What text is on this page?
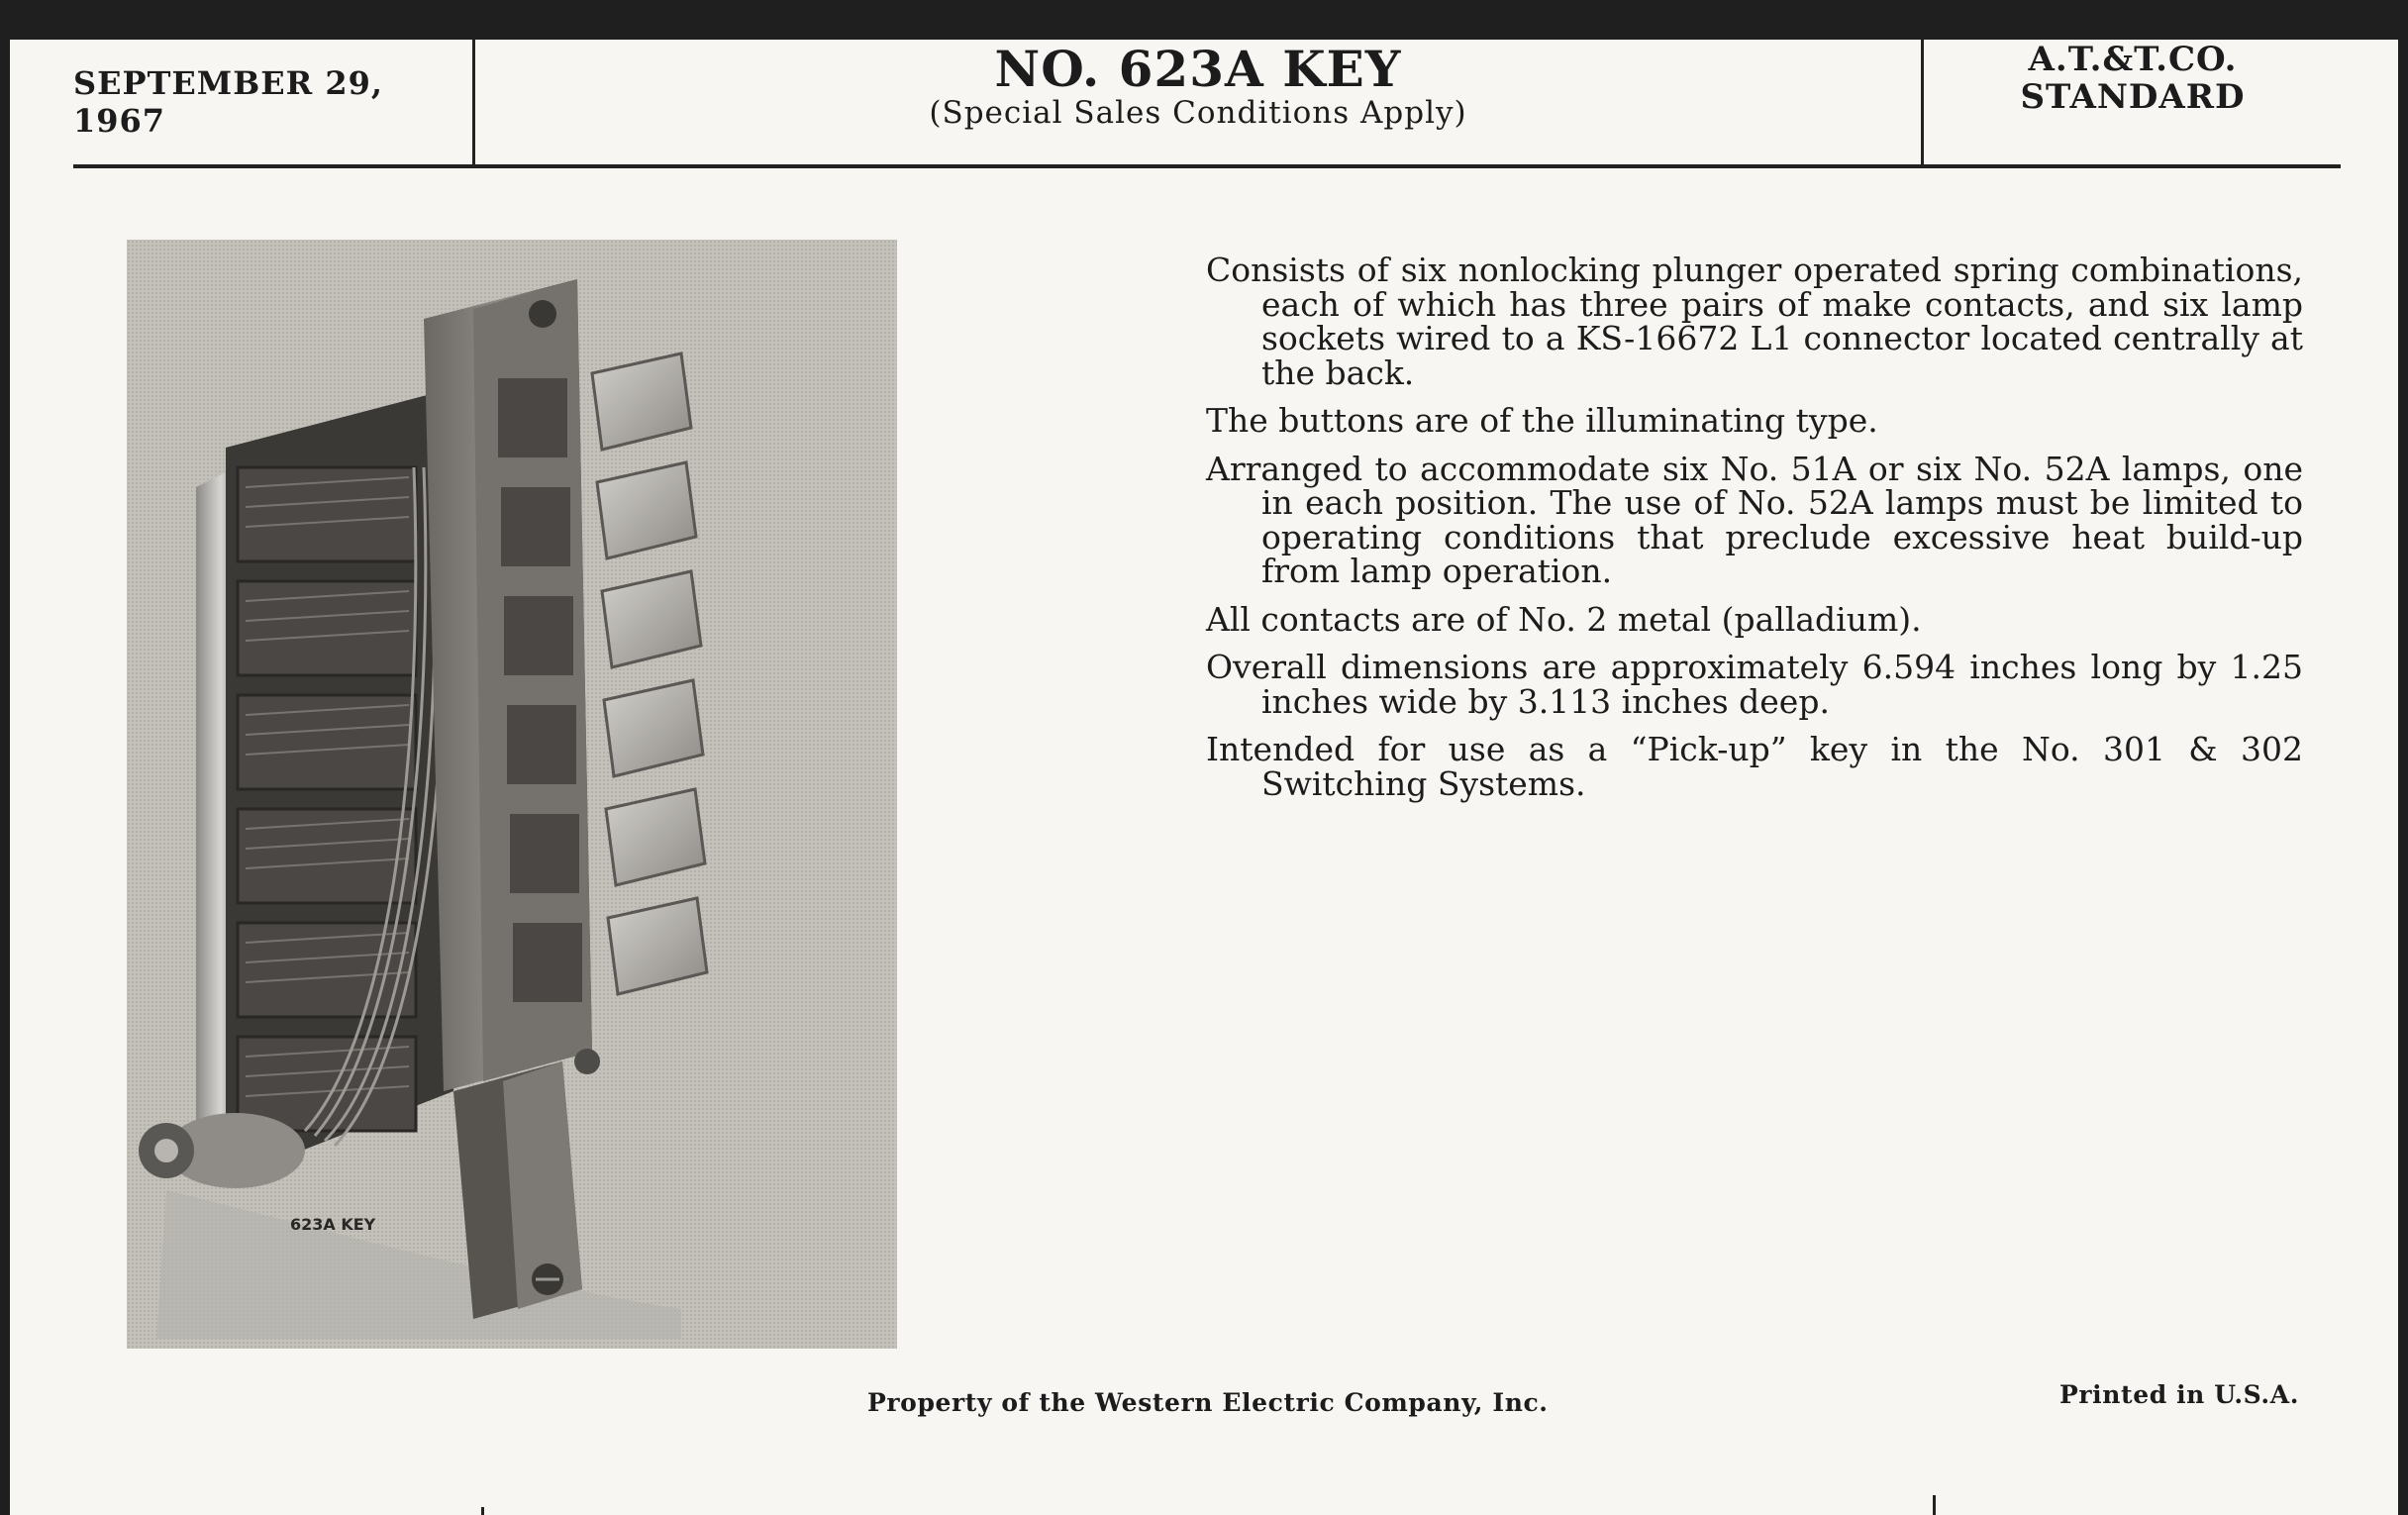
SEPTEMBER 29, 1967
NO. 623A KEY
(Special Sales Conditions Apply)
A.T.&T.CO.
STANDARD
623A KEY

Consists of six nonlocking plunger operated spring combinations, each of which has three pairs of make contacts, and six lamp sockets wired to a KS-16672 L1 connector located centrally at the back.

The buttons are of the illuminating type.

Arranged to accommodate six No. 51A or six No. 52A lamps, one in each position. The use of No. 52A lamps must be limited to operating conditions that preclude excessive heat build-up from lamp operation.

All contacts are of No. 2 metal (palladium).

Overall dimensions are approximately 6.594 inches long by 1.25 inches wide by 3.113 inches deep.

Intended for use as a “Pick-up” key in the No. 301 & 302 Switching Systems.

Property of the Western Electric Company, Inc.	Printed in U.S.A.
